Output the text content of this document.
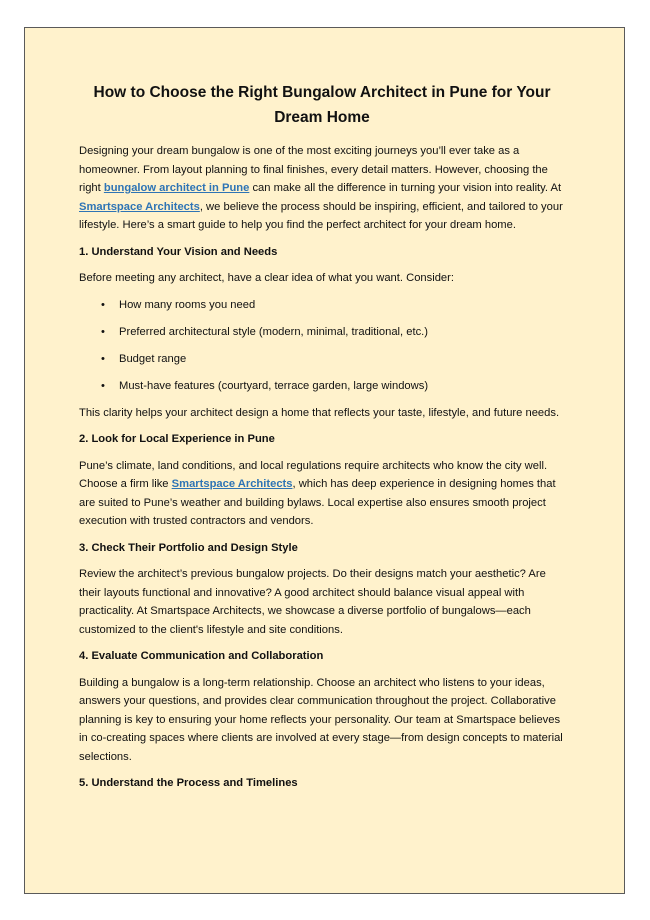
How to Choose the Right Bungalow Architect in Pune for Your Dream Home

Designing your dream bungalow is one of the most exciting journeys you’ll ever take as a homeowner. From layout planning to final finishes, every detail matters. However, choosing the right bungalow architect in Pune can make all the difference in turning your vision into reality. At Smartspace Architects, we believe the process should be inspiring, efficient, and tailored to your lifestyle. Here’s a smart guide to help you find the perfect architect for your dream home.

1. Understand Your Vision and Needs

Before meeting any architect, have a clear idea of what you want. Consider:

• How many rooms you need
• Preferred architectural style (modern, minimal, traditional, etc.)
• Budget range
• Must-have features (courtyard, terrace garden, large windows)

This clarity helps your architect design a home that reflects your taste, lifestyle, and future needs.

2. Look for Local Experience in Pune

Pune’s climate, land conditions, and local regulations require architects who know the city well. Choose a firm like Smartspace Architects, which has deep experience in designing homes that are suited to Pune’s weather and building bylaws. Local expertise also ensures smooth project execution with trusted contractors and vendors.

3. Check Their Portfolio and Design Style

Review the architect’s previous bungalow projects. Do their designs match your aesthetic? Are their layouts functional and innovative? A good architect should balance visual appeal with practicality. At Smartspace Architects, we showcase a diverse portfolio of bungalows—each customized to the client's lifestyle and site conditions.

4. Evaluate Communication and Collaboration

Building a bungalow is a long-term relationship. Choose an architect who listens to your ideas, answers your questions, and provides clear communication throughout the project. Collaborative planning is key to ensuring your home reflects your personality. Our team at Smartspace believes in co-creating spaces where clients are involved at every stage—from design concepts to material selections.

5. Understand the Process and Timelines
